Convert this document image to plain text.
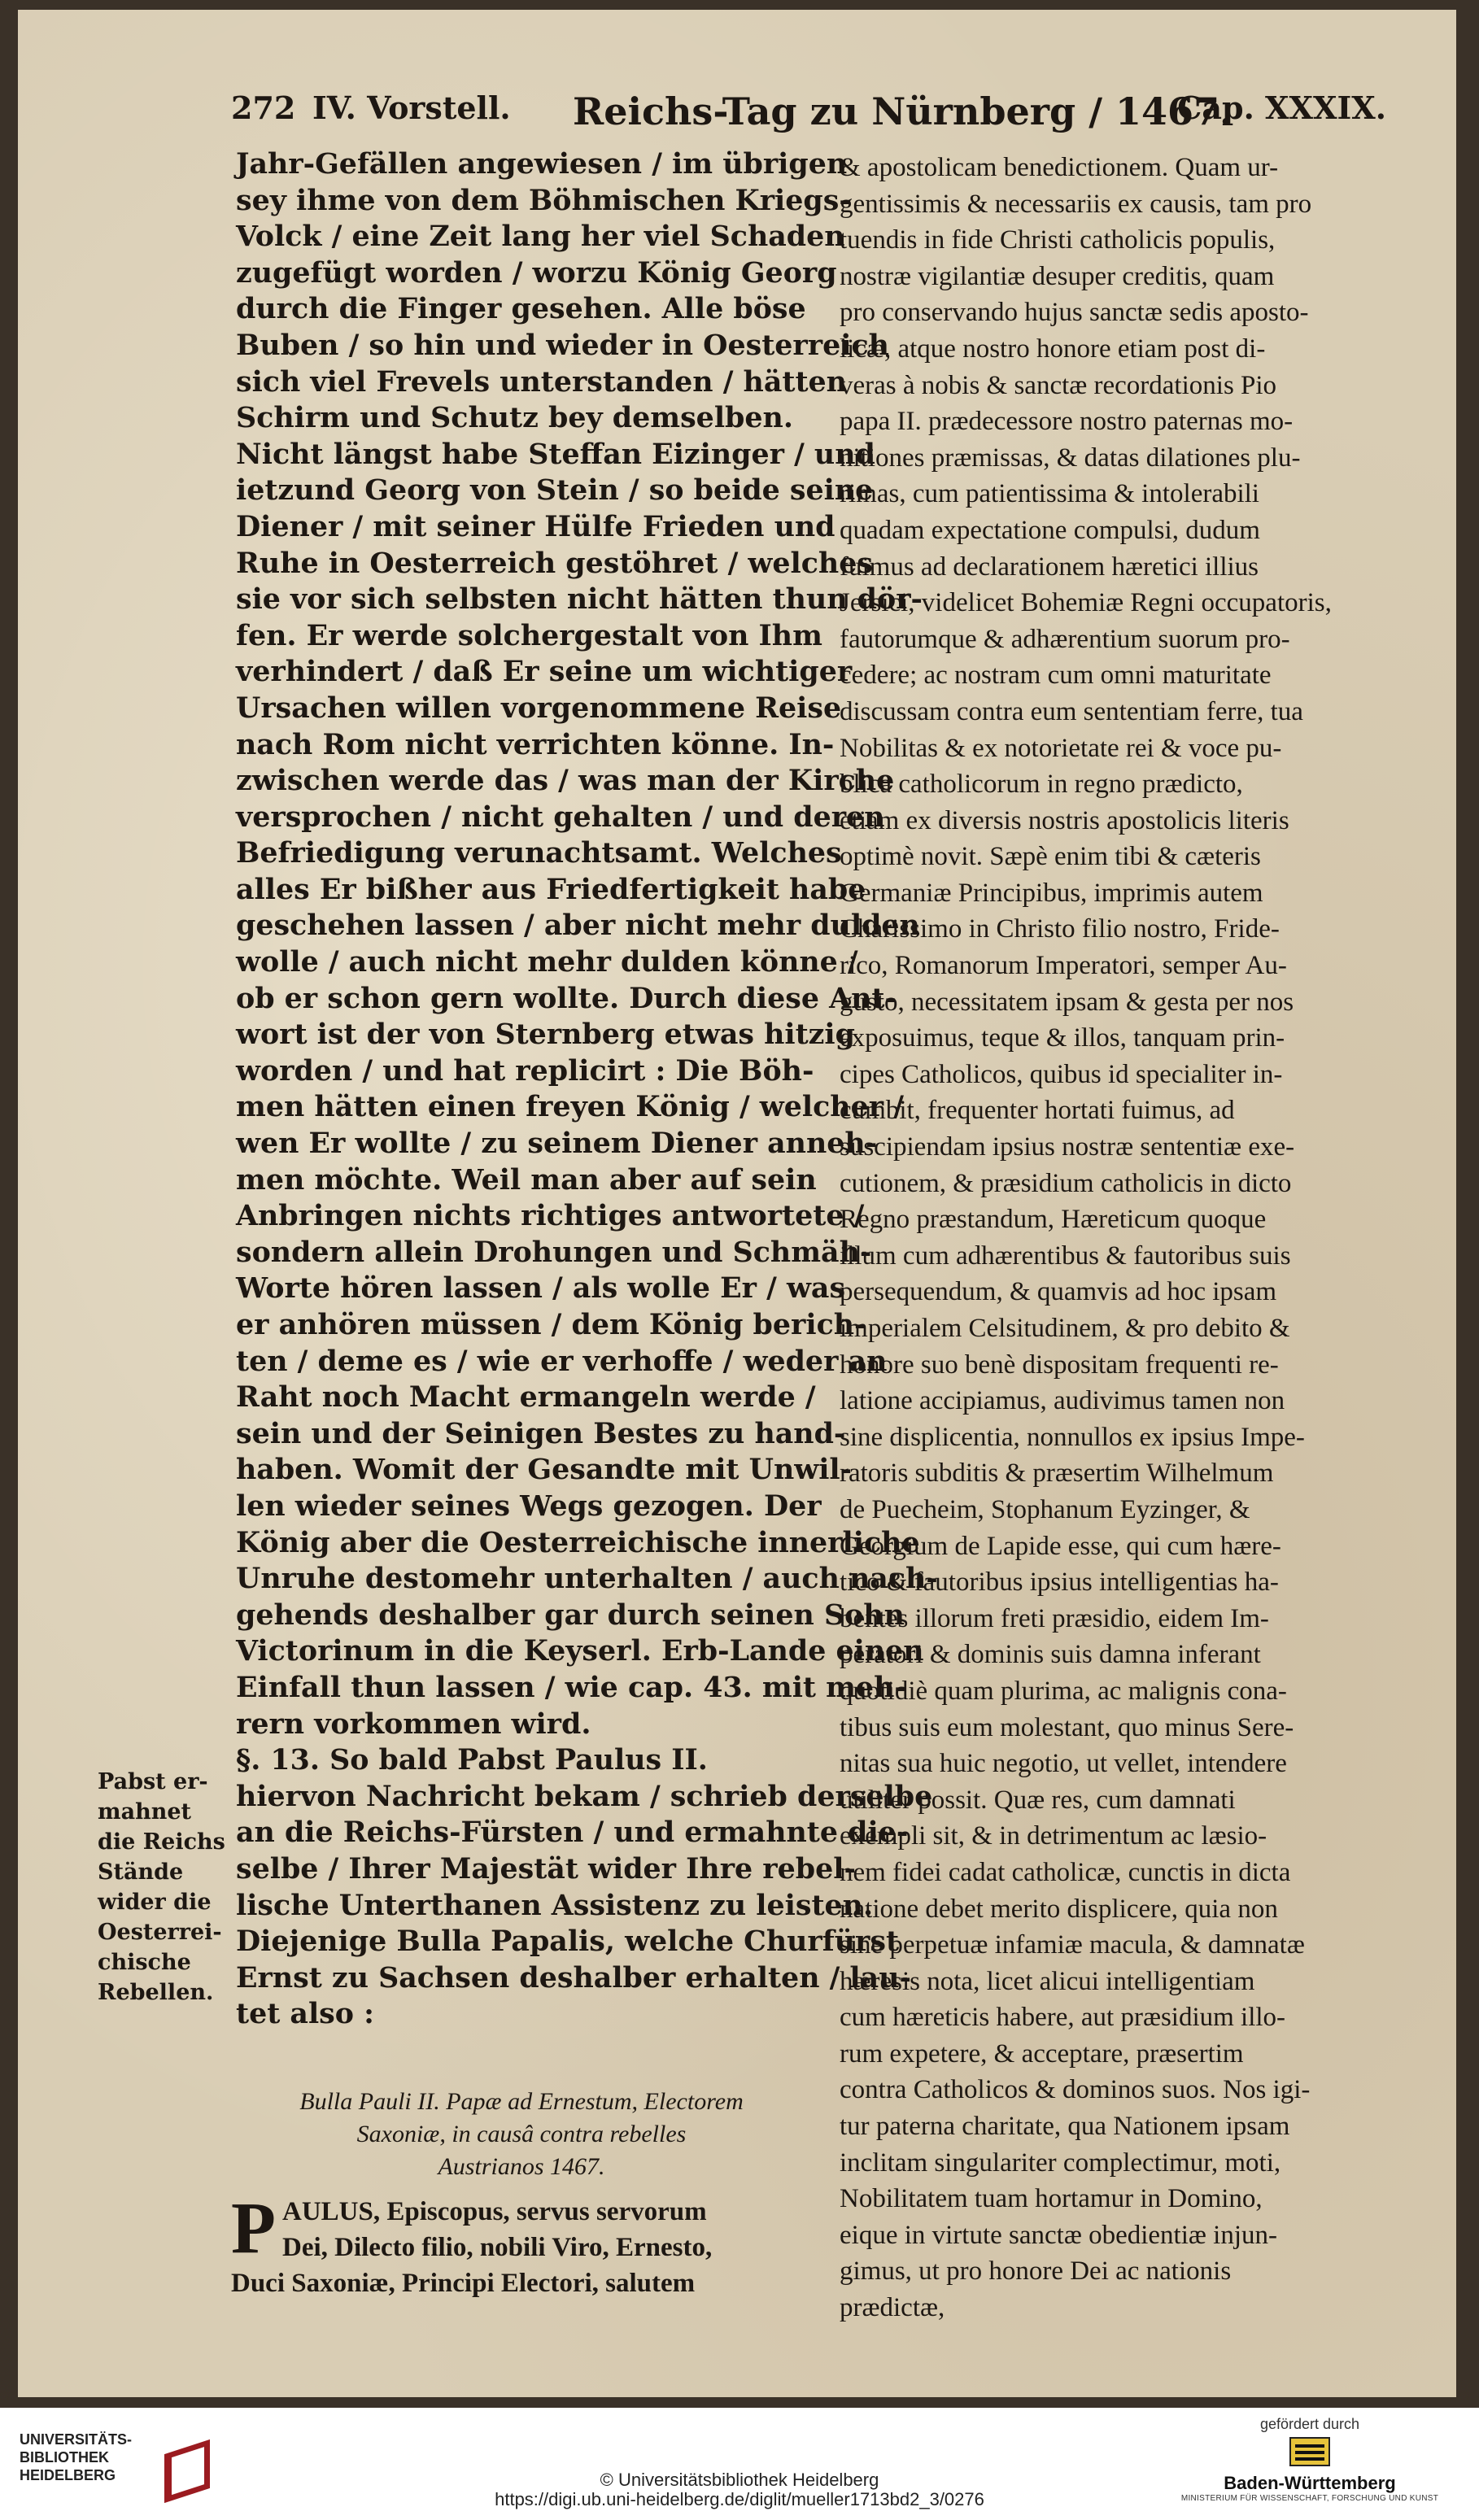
272 IV. Vorstell. Reichs-Tag zu Nürnberg / 1467.
Cap. XXXIX.
Jahr-Gefällen angewiesen / im übrigen
sey ihme von dem Böhmischen Kriegs-
Volck / eine Zeit lang her viel Schaden
zugefügt worden / worzu König Georg
durch die Finger gesehen. Alle böse
Buben / so hin und wieder in Oesterreich
sich viel Frevels unterstanden / hätten
Schirm und Schutz bey demselben.
Nicht längst habe Steffan Eizinger / und
ietzund Georg von Stein / so beide seine
Diener / mit seiner Hülfe Frieden und
Ruhe in Oesterreich gestöhret / welches
sie vor sich selbsten nicht hätten thun dör-
fen. Er werde solchergestalt von Ihm
verhindert / daß Er seine um wichtiger
Ursachen willen vorgenommene Reise
nach Rom nicht verrichten könne. In-
zwischen werde das / was man der Kirche
versprochen / nicht gehalten / und deren
Befriedigung verunachtsamt. Welches
alles Er bißher aus Friedfertigkeit habe
geschehen lassen / aber nicht mehr dulden
wolle / auch nicht mehr dulden könne /
ob er schon gern wollte. Durch diese Ant-
wort ist der von Sternberg etwas hitzig
worden / und hat replicirt : Die Böh-
men hätten einen freyen König / welcher /
wen Er wollte / zu seinem Diener anneh-
men möchte. Weil man aber auf sein
Anbringen nichts richtiges antwortete /
sondern allein Drohungen und Schmäh-
Worte hören lassen / als wolle Er / was
er anhören müssen / dem König berich-
ten / deme es / wie er verhoffe / weder an
Raht noch Macht ermangeln werde /
sein und der Seinigen Bestes zu hand-
haben. Womit der Gesandte mit Unwil-
len wieder seines Wegs gezogen. Der
König aber die Oesterreichische innerliche
Unruhe destomehr unterhalten / auch nach-
gehends deshalber gar durch seinen Sohn
Victorinum in die Keyserl. Erb-Lande einen
Einfall thun lassen / wie cap. 43. mit meh-
rern vorkommen wird.
§. 13. So bald Pabst Paulus II.
hiervon Nachricht bekam / schrieb derselbe
an die Reichs-Fürsten / und ermahnte die-
selbe / Ihrer Majestät wider Ihre rebel-
lische Unterthanen Assistenz zu leisten.
Diejenige Bulla Papalis, welche Churfürst
Ernst zu Sachsen deshalber erhalten / lau-
tet also :
Pabst er-
mahnet
die Reichs
Stände
wider die
Oesterrei-
chische
Rebellen.
Bulla Pauli II. Papæ ad Ernestum, Electorem
Saxoniæ, in causâ contra rebelles
Austrianos 1467.
P AULUS, Episcopus, servus servorum
Dei, Dilecto filio, nobili Viro, Ernesto,
Duci Saxoniæ, Principi Electori, salutem
& apostolicam benedictionem. Quam ur-
gentissimis & necessariis ex causis, tam pro
tuendis in fide Christi catholicis populis,
nostræ vigilantiæ desuper creditis, quam
pro conservando hujus sanctæ sedis aposto-
licæ, atque nostro honore etiam post di-
veras à nobis & sanctæ recordationis Pio
papa II. prædecessore nostro paternas mo-
nitiones præmissas, & datas dilationes plu-
rimas, cum patientissima & intolerabili
quadam expectatione compulsi, dudum
fuimus ad declarationem hæretici illius
Jersici, videlicet Bohemiæ Regni occupatoris,
fautorumque & adhærentium suorum pro-
cedere; ac nostram cum omni maturitate
discussam contra eum sententiam ferre, tua
Nobilitas & ex notorietate rei & voce pu-
blica catholicorum in regno prædicto,
etiam ex diversis nostris apostolicis literis
optimè novit. Sæpè enim tibi & cæteris
Germaniæ Principibus, imprimis autem
Charissimo in Christo filio nostro, Fride-
rico, Romanorum Imperatori, semper Au-
gusto, necessitatem ipsam & gesta per nos
exposuimus, teque & illos, tanquam prin-
cipes Catholicos, quibus id specialiter in-
cumbit, frequenter hortati fuimus, ad
suscipiendam ipsius nostræ sententiæ exe-
cutionem, & præsidium catholicis in dicto
Regno præstandum, Hæreticum quoque
illum cum adhærentibus & fautoribus suis
persequendum, & quamvis ad hoc ipsam
imperialem Celsitudinem, & pro debito &
honore suo benè dispositam frequenti re-
latione accipiamus, audivimus tamen non
sine displicentia, nonnullos ex ipsius Impe-
ratoris subditis & præsertim Wilhelmum
de Puecheim, Stophanum Eyzinger, &
Georgium de Lapide esse, qui cum hære-
tico & fautoribus ipsius intelligentias ha-
bentes illorum freti præsidio, eidem Im-
peratori & dominis suis damna inferant
quotidiè quam plurima, ac malignis cona-
tibus suis eum molestant, quo minus Sere-
nitas sua huic negotio, ut vellet, intendere
utiliter possit. Quæ res, cum damnati
exempli sit, & in detrimentum ac læsio-
nem fidei cadat catholicæ, cunctis in dicta
natione debet merito displicere, quia non
sine perpetuæ infamiæ macula, & damnatæ
hæresis nota, licet alicui intelligentiam
cum hæreticis habere, aut præsidium illo-
rum expetere, & acceptare, præsertim
contra Catholicos & dominos suos. Nos igi-
tur paterna charitate, qua Nationem ipsam
inclitam singulariter complectimur, moti,
Nobilitatem tuam hortamur in Domino,
eique in virtute sanctæ obedientiæ injun-
gimus, ut pro honore Dei ac nationis
prædictæ,
UNIVERSITÄTS-
BIBLIOTHEK
HEIDELBERG	© Universitätsbibliothek Heidelberg
https://digi.ub.uni-heidelberg.de/diglit/mueller1713bd2_3/0276
gefördert durch
Baden-Württemberg
MINISTERIUM FÜR WISSENSCHAFT, FORSCHUNG UND KUNST
